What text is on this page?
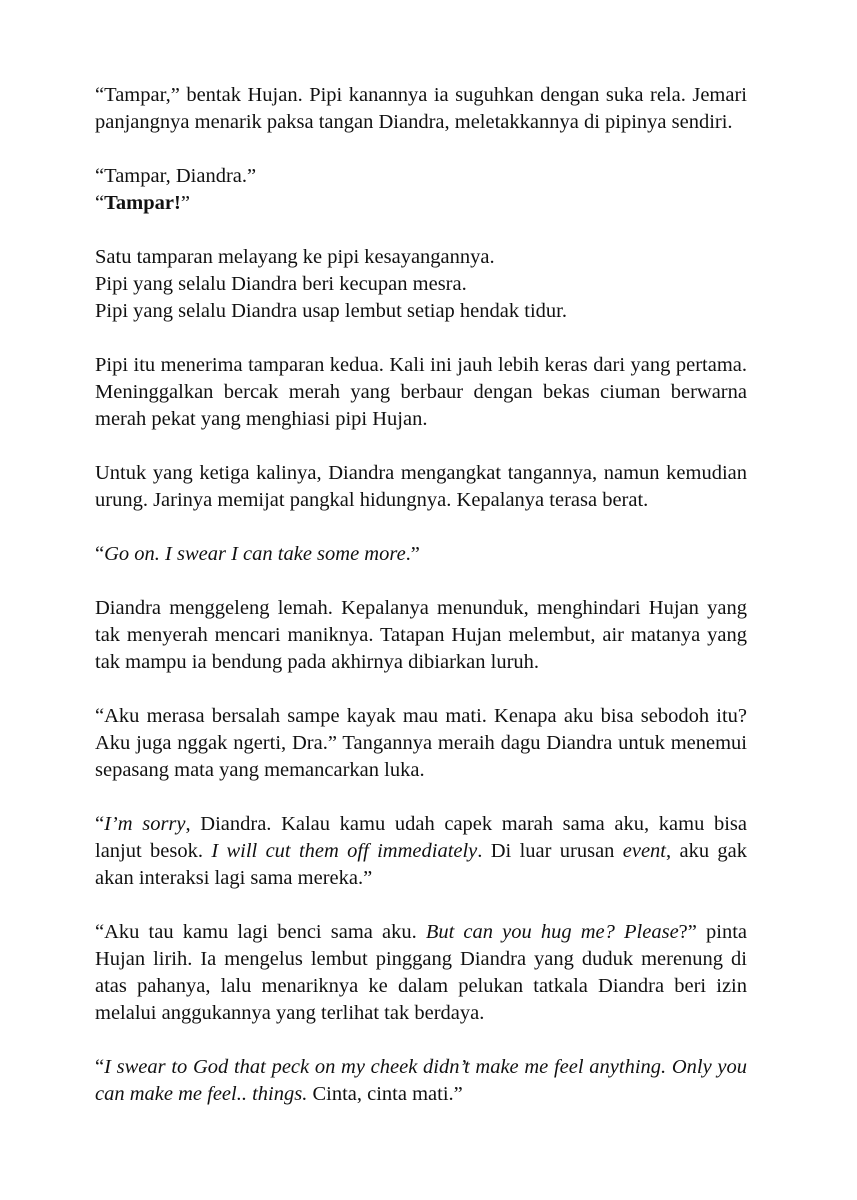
“Tampar,” bentak Hujan. Pipi kanannya ia suguhkan dengan suka rela. Jemari panjangnya menarik paksa tangan Diandra, meletakkannya di pipinya sendiri.

“Tampar, Diandra.”
“Tampar!”

Satu tamparan melayang ke pipi kesayangannya.
Pipi yang selalu Diandra beri kecupan mesra.
Pipi yang selalu Diandra usap lembut setiap hendak tidur.

Pipi itu menerima tamparan kedua. Kali ini jauh lebih keras dari yang pertama. Meninggalkan bercak merah yang berbaur dengan bekas ciuman berwarna merah pekat yang menghiasi pipi Hujan.

Untuk yang ketiga kalinya, Diandra mengangkat tangannya, namun kemudian urung. Jarinya memijat pangkal hidungnya. Kepalanya terasa berat.

“Go on. I swear I can take some more.”

Diandra menggeleng lemah. Kepalanya menunduk, menghindari Hujan yang tak menyerah mencari maniknya. Tatapan Hujan melembut, air matanya yang tak mampu ia bendung pada akhirnya dibiarkan luruh.

“Aku merasa bersalah sampe kayak mau mati. Kenapa aku bisa sebodoh itu? Aku juga nggak ngerti, Dra.” Tangannya meraih dagu Diandra untuk menemui sepasang mata yang memancarkan luka.

“I’m sorry, Diandra. Kalau kamu udah capek marah sama aku, kamu bisa lanjut besok. I will cut them off immediately. Di luar urusan event, aku gak akan interaksi lagi sama mereka.”

“Aku tau kamu lagi benci sama aku. But can you hug me? Please?” pinta Hujan lirih. Ia mengelus lembut pinggang Diandra yang duduk merenung di atas pahanya, lalu menariknya ke dalam pelukan tatkala Diandra beri izin melalui anggukannya yang terlihat tak berdaya.

“I swear to God that peck on my cheek didn’t make me feel anything. Only you can make me feel.. things. Cinta, cinta mati.”
